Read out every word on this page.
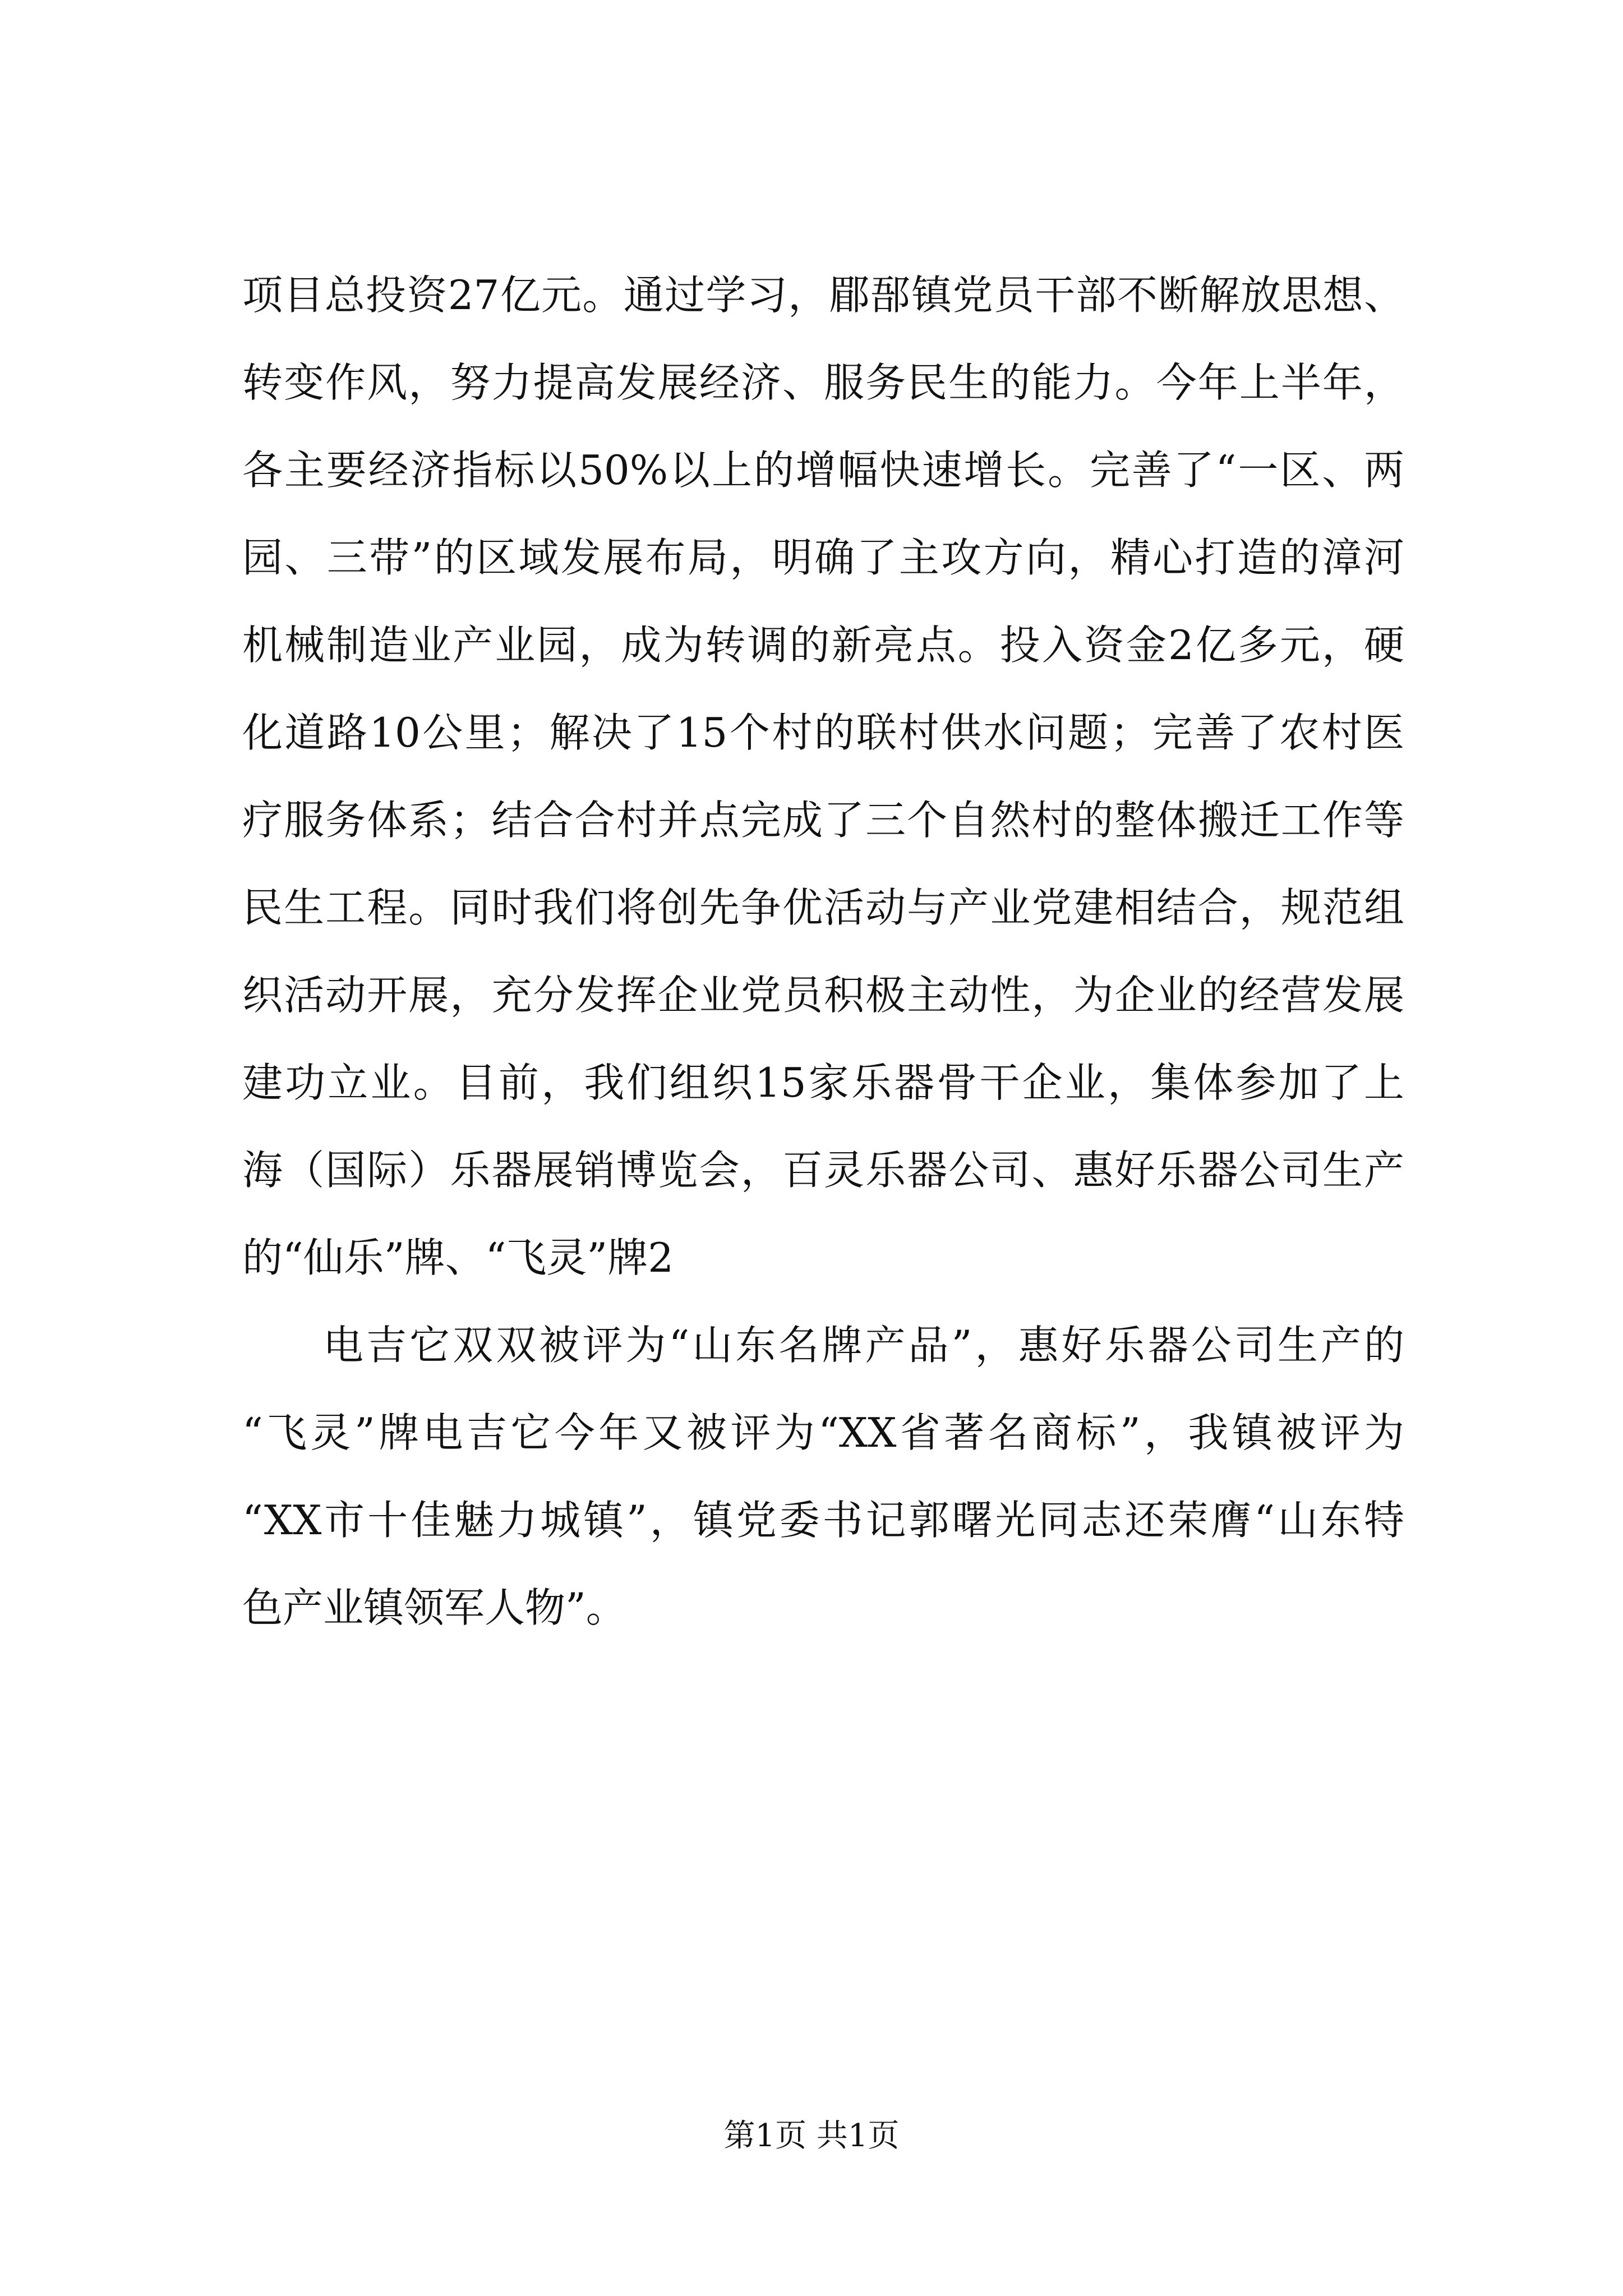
项目总投资27亿元。通过学习，郿郚镇党员干部不断解放思想、
转变作风，努力提高发展经济、服务民生的能力。今年上半年，
各主要经济指标以50%以上的增幅快速增长。完善了“一区、两
园、三带”的区域发展布局，明确了主攻方向，精心打造的漳河
机械制造业产业园，成为转调的新亮点。投入资金2亿多元，硬
化道路10公里；解决了15个村的联村供水问题；完善了农村医
疗服务体系；结合合村并点完成了三个自然村的整体搬迁工作等
民生工程。同时我们将创先争优活动与产业党建相结合，规范组
织活动开展，充分发挥企业党员积极主动性，为企业的经营发展
建功立业。目前，我们组织15家乐器骨干企业，集体参加了上
海（国际）乐器展销博览会，百灵乐器公司、惠好乐器公司生产
的“仙乐”牌、“飞灵”牌2
电吉它双双被评为“山东名牌产品”，惠好乐器公司生产的
“飞灵”牌电吉它今年又被评为“XX省著名商标”，我镇被评为
“XX市十佳魅力城镇”，镇党委书记郭曙光同志还荣膺“山东特
色产业镇领军人物”。
第1页 共1页
